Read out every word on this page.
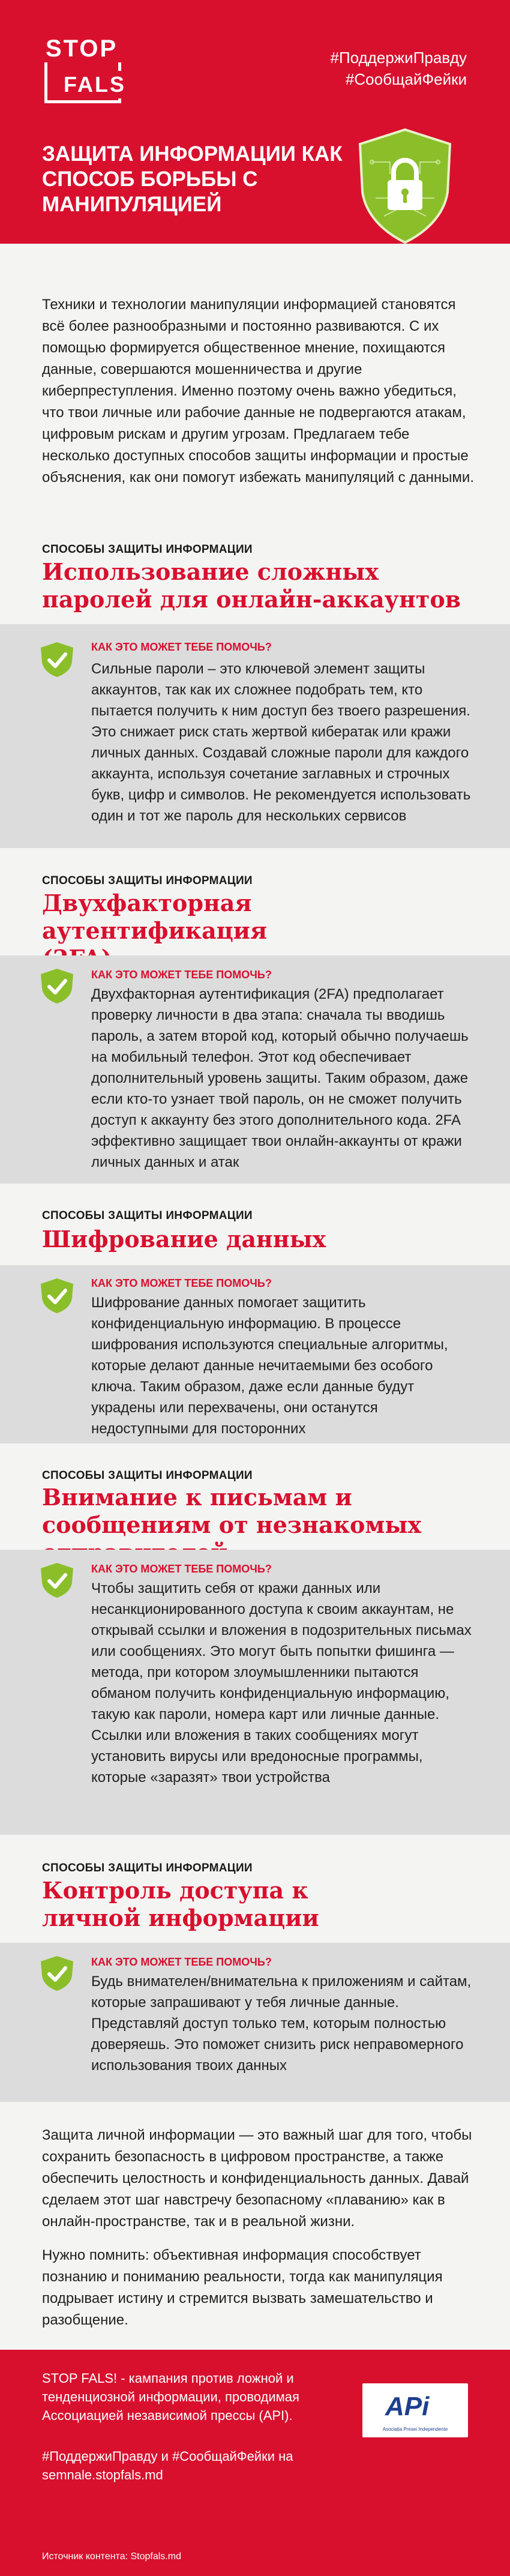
STOP
FALS
#ПоддержиПравду
#СообщайФейки
ЗАЩИТА ИНФОРМАЦИИ КАК СПОСОБ БОРЬБЫ С МАНИПУЛЯЦИЕЙ
Техники и технологии манипуляции информацией становятся всё более разнообразными и постоянно развиваются. С их помощью формируется общественное мнение, похищаются данные, совершаются мошенничества и другие киберпреступления. Именно поэтому очень важно убедиться, что твои личные или рабочие данные не подвергаются атакам, цифровым рискам и другим угрозам. Предлагаем тебе несколько доступных способов защиты информации и простые объяснения, как они помогут избежать манипуляций с данными.
СПОСОБЫ ЗАЩИТЫ ИНФОРМАЦИИ
Использование сложных паролей для онлайн-аккаунтов
КАК ЭТО МОЖЕТ ТЕБЕ ПОМОЧЬ?
Сильные пароли – это ключевой элемент защиты аккаунтов, так как их сложнее подобрать тем, кто пытается получить к ним доступ без твоего разрешения. Это снижает риск стать жертвой кибератак или кражи личных данных. Создавай сложные пароли для каждого аккаунта, используя сочетание заглавных и строчных букв, цифр и символов. Не рекомендуется использовать один и тот же пароль для нескольких сервисов
СПОСОБЫ ЗАЩИТЫ ИНФОРМАЦИИ
Двухфакторная аутентификация
КАК ЭТО МОЖЕТ ТЕБЕ ПОМОЧЬ?
Двухфакторная аутентификация (2FA) предполагает проверку личности в два этапа: сначала ты вводишь пароль, а затем второй код, который обычно получаешь на мобильный телефон. Этот код обеспечивает дополнительный уровень защиты. Таким образом, даже если кто-то узнает твой пароль, он не сможет получить доступ к аккаунту без этого дополнительного кода. 2FA эффективно защищает твои онлайн-аккаунты от кражи личных данных и атак
СПОСОБЫ ЗАЩИТЫ ИНФОРМАЦИИ
Шифрование данных
КАК ЭТО МОЖЕТ ТЕБЕ ПОМОЧЬ?
Шифрование данных помогает защитить конфиденциальную информацию. В процессе шифрования используются специальные алгоритмы, которые делают данные нечитаемыми без особого ключа. Таким образом, даже если данные будут украдены или перехвачены, они останутся недоступными для посторонних
СПОСОБЫ ЗАЩИТЫ ИНФОРМАЦИИ
Внимание к письмам и сообщениям от незнакомых
КАК ЭТО МОЖЕТ ТЕБЕ ПОМОЧЬ?
Чтобы защитить себя от кражи данных или несанкционированного доступа к своим аккаунтам, не открывай ссылки и вложения в подозрительных письмах или сообщениях. Это могут быть попытки фишинга — метода, при котором злоумышленники пытаются обманом получить конфиденциальную информацию, такую как пароли, номера карт или личные данные. Ссылки или вложения в таких сообщениях могут установить вирусы или вредоносные программы, которые «заразят» твои устройства
СПОСОБЫ ЗАЩИТЫ ИНФОРМАЦИИ
Контроль доступа к личной информации
КАК ЭТО МОЖЕТ ТЕБЕ ПОМОЧЬ?
Будь внимателен/внимательна к приложениям и сайтам, которые запрашивают у тебя личные данные. Представляй доступ только тем, которым полностью доверяешь. Это поможет снизить риск неправомерного использования твоих данных
Защита личной информации — это важный шаг для того, чтобы сохранить безопасность в цифровом пространстве, а также обеспечить целостность и конфиденциальность данных. Давай сделаем этот шаг навстречу безопасному «плаванию» как в онлайн-пространстве, так и в реальной жизни.
Нужно помнить: объективная информация способствует познанию и пониманию реальности, тогда как манипуляция подрывает истину и стремится вызвать замешательство и разобщение.
STOP FALS! - кампания против ложной и тенденциозной информации, проводимая Ассоциацией независимой прессы (API).	APi
Asociația Presei Independente
#ПоддержиПравду и #СообщайФейки на semnale.stopfals.md
Источник контента: Stopfals.md
